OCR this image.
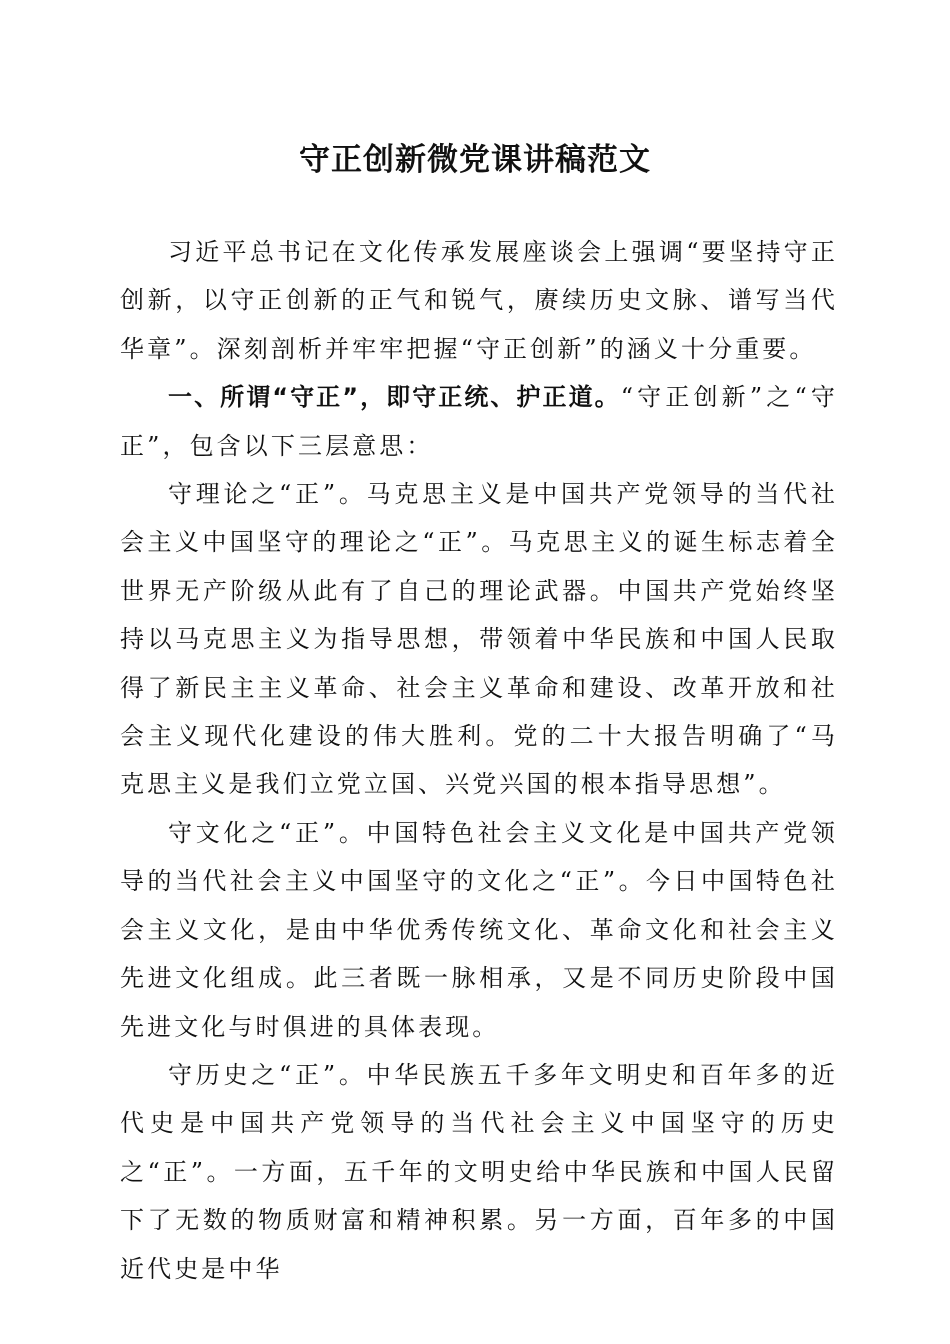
守正创新微党课讲稿范文

习近平总书记在文化传承发展座谈会上强调“要坚持守正创新，以守正创新的正气和锐气，赓续历史文脉、谱写当代华章”。深刻剖析并牢牢把握“守正创新”的涵义十分重要。

一、所谓“守正”，即守正统、护正道。“守正创新”之“守正”，包含以下三层意思：

守理论之“正”。马克思主义是中国共产党领导的当代社会主义中国坚守的理论之“正”。马克思主义的诞生标志着全世界无产阶级从此有了自己的理论武器。中国共产党始终坚持以马克思主义为指导思想，带领着中华民族和中国人民取得了新民主主义革命、社会主义革命和建设、改革开放和社会主义现代化建设的伟大胜利。党的二十大报告明确了“马克思主义是我们立党立国、兴党兴国的根本指导思想”。

守文化之“正”。中国特色社会主义文化是中国共产党领导的当代社会主义中国坚守的文化之“正”。今日中国特色社会主义文化，是由中华优秀传统文化、革命文化和社会主义先进文化组成。此三者既一脉相承，又是不同历史阶段中国先进文化与时俱进的具体表现。

守历史之“正”。中华民族五千多年文明史和百年多的近代史是中国共产党领导的当代社会主义中国坚守的历史之“正”。一方面，五千年的文明史给中华民族和中国人民留下了无数的物质财富和精神积累。另一方面，百年多的中国近代史是中华
